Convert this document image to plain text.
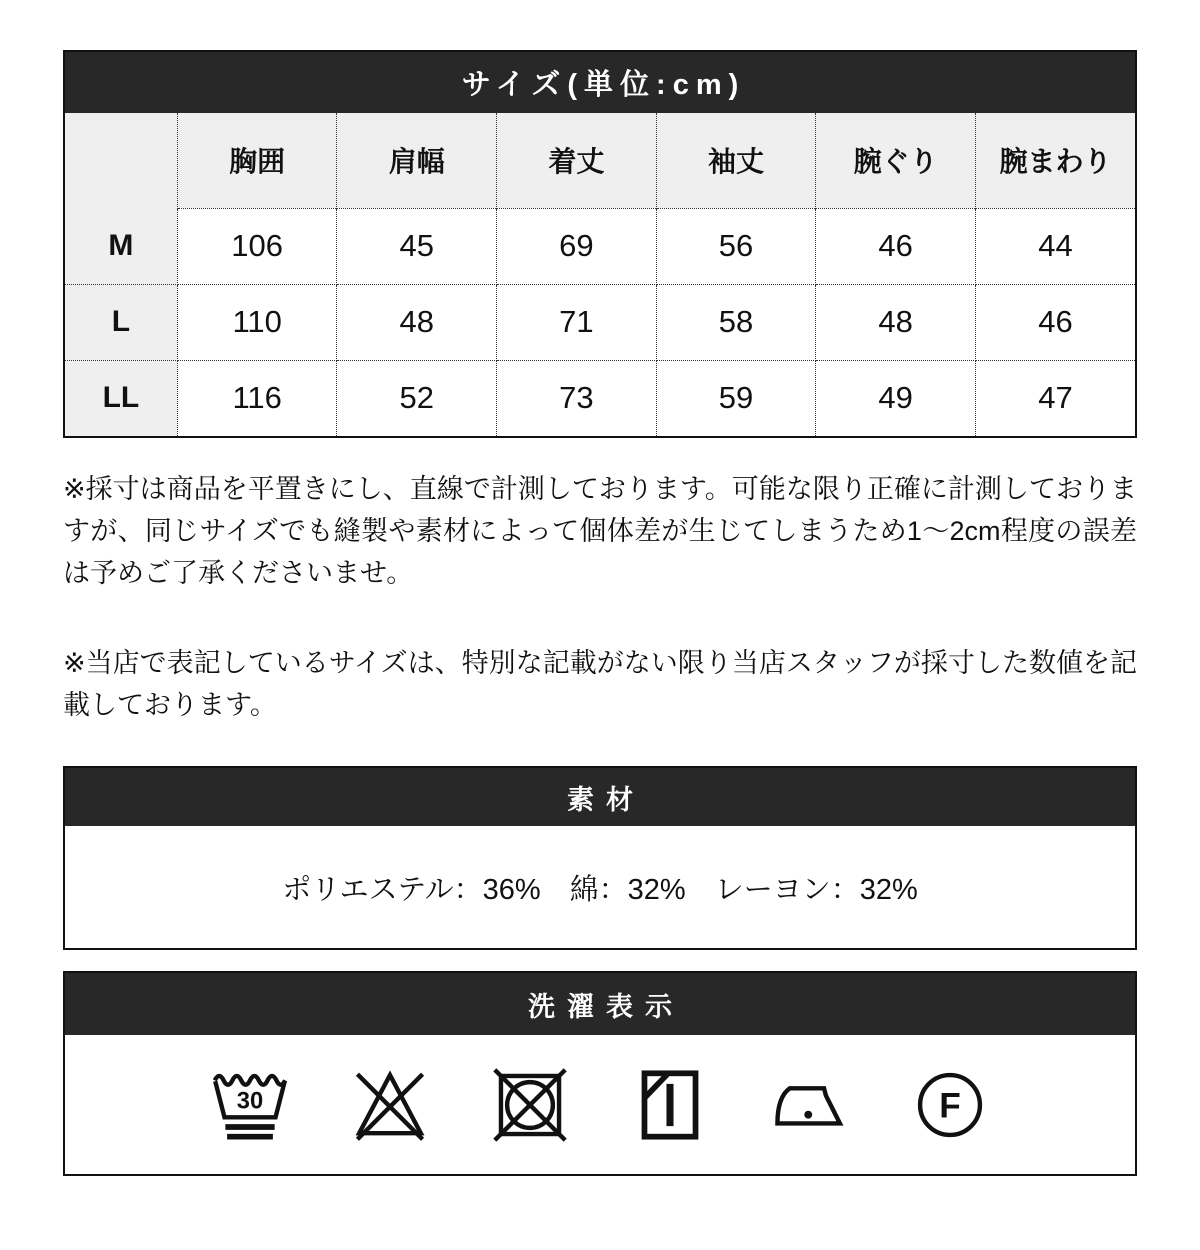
サイズ(単位:cm)
	胸囲	肩幅	着丈	袖丈	腕ぐり	腕まわり
M	106	45	69	56	46	44
L	110	48	71	58	48	46
LL	116	52	73	59	49	47

※採寸は商品を平置きにし、直線で計測しております。可能な限り正確に計測しておりますが、同じサイズでも縫製や素材によって個体差が生じてしまうため1～2cm程度の誤差は予めご了承くださいませ。

※当店で表記しているサイズは、特別な記載がない限り当店スタッフが採寸した数値を記載しております。

素材
ポリエステル：36%　綿：32%　レーヨン：32%
洗濯表示
30	F
